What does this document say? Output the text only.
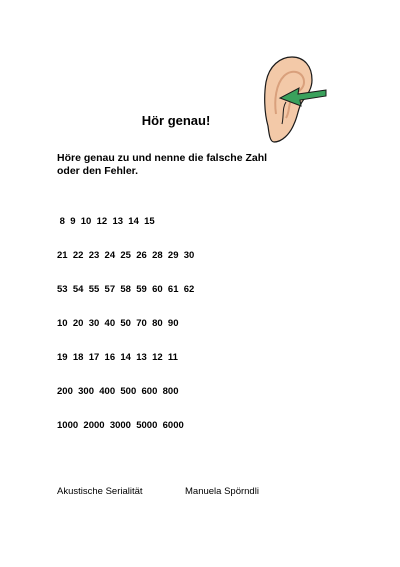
Hör genau!
Höre genau zu und nenne die falsche Zahl
oder den Fehler.
8  9  10  12  13  14  15
21  22  23  24  25  26  28  29  30
53  54  55  57  58  59  60  61  62
10  20  30  40  50  70  80  90
19  18  17  16  14  13  12  11
200  300  400  500  600  800
1000  2000  3000  5000  6000
Akustische Serialität	Manuela Spörndli
